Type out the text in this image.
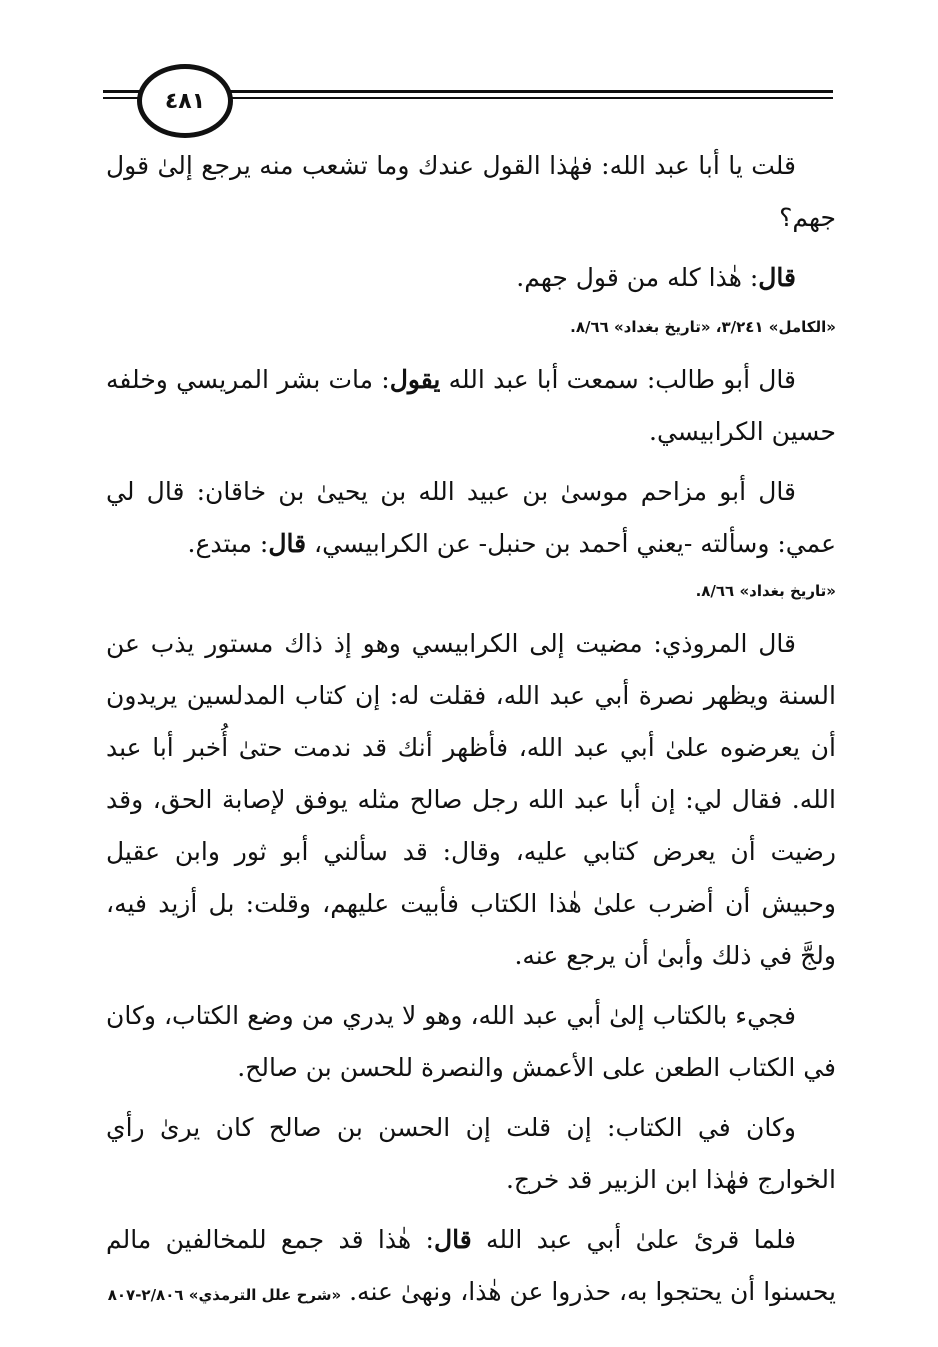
٤٨١

قلت يا أبا عبد الله: فهٰذا القول عندك وما تشعب منه يرجع إلىٰ قول جهم؟

قال: هٰذا كله من قول جهم.

«الكامل» ٣/٢٤١، «تاريخ بغداد» ٨/٦٦.

قال أبو طالب: سمعت أبا عبد الله يقول: مات بشر المريسي وخلفه حسين الكرابيسي.

قال أبو مزاحم موسىٰ بن عبيد الله بن يحيىٰ بن خاقان: قال لي عمي: وسألته -يعني أحمد بن حنبل- عن الكرابيسي، قال: مبتدع.

«تاريخ بغداد» ٨/٦٦.

قال المروذي: مضيت إلى الكرابيسي وهو إذ ذاك مستور يذب عن السنة ويظهر نصرة أبي عبد الله، فقلت له: إن كتاب المدلسين يريدون أن يعرضوه علىٰ أبي عبد الله، فأظهر أنك قد ندمت حتىٰ أُخبر أبا عبد الله. فقال لي: إن أبا عبد الله رجل صالح مثله يوفق لإصابة الحق، وقد رضيت أن يعرض كتابي عليه، وقال: قد سألني أبو ثور وابن عقيل وحبيش أن أضرب علىٰ هٰذا الكتاب فأبيت عليهم، وقلت: بل أزيد فيه، ولجَّ في ذلك وأبىٰ أن يرجع عنه.

فجيء بالكتاب إلىٰ أبي عبد الله، وهو لا يدري من وضع الكتاب، وكان في الكتاب الطعن على الأعمش والنصرة للحسن بن صالح.

وكان في الكتاب: إن قلت إن الحسن بن صالح كان يرىٰ رأي الخوارج فهٰذا ابن الزبير قد خرج.

فلما قرئ علىٰ أبي عبد الله قال: هٰذا قد جمع للمخالفين مالم يحسنوا أن يحتجوا به، حذروا عن هٰذا، ونهىٰ عنه. «شرح علل الترمذي» ٢/٨٠٦-٨٠٧
